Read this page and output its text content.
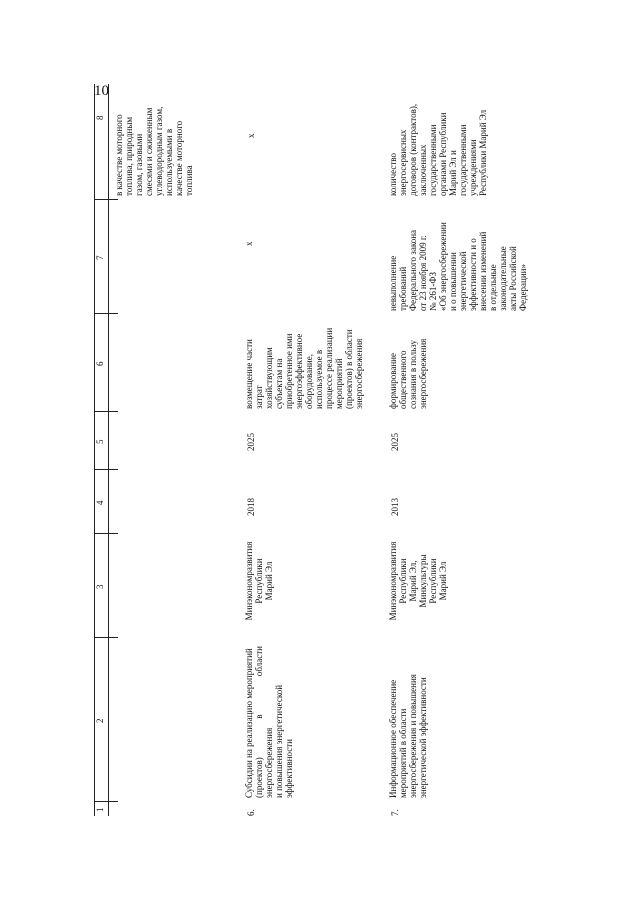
10
1
2
3
4
5
6
7
8
в качестве моторного
топлива, природным
газом, газовыми
смесями и сжиженным
углеводородным газом,
используемыми в
качестве моторного
топлива
6.
Субсидии на реализацию мероприятий
(проектов) в области энергосбережения
и повышения энергетической
эффективности
Минэкономразвития
Республики
Марий Эл
2018
2025
возмещение части
затрат
хозяйствующим
субъектам на
приобретенное ими
энергоэффективное
оборудование,
используемое в
процессе реализации
мероприятий
(проектов) в области
энергосбережения
х
х
7.
Информационное обеспечение
мероприятий в области
энергосбережения и повышения
энергетической эффективности
Минэкономразвития
Республики
Марий Эл,
Минкультуры
Республики
Марий Эл
2013
2025
формирование
общественного
сознания в пользу
энергосбережения
невыполнение
требований
Федерального закона
от 23 ноября 2009 г.
№ 261-ФЗ
«Об энергосбережении
и о повышении
энергетической
эффективности и о
внесении изменений
в отдельные
законодательные
акты Российской
Федерации»
количество
энергосервисных
договоров (контрактов),
заключенных
государственными
органами Республики
Марий Эл и
государственными
учреждениями
Республики Марий Эл
